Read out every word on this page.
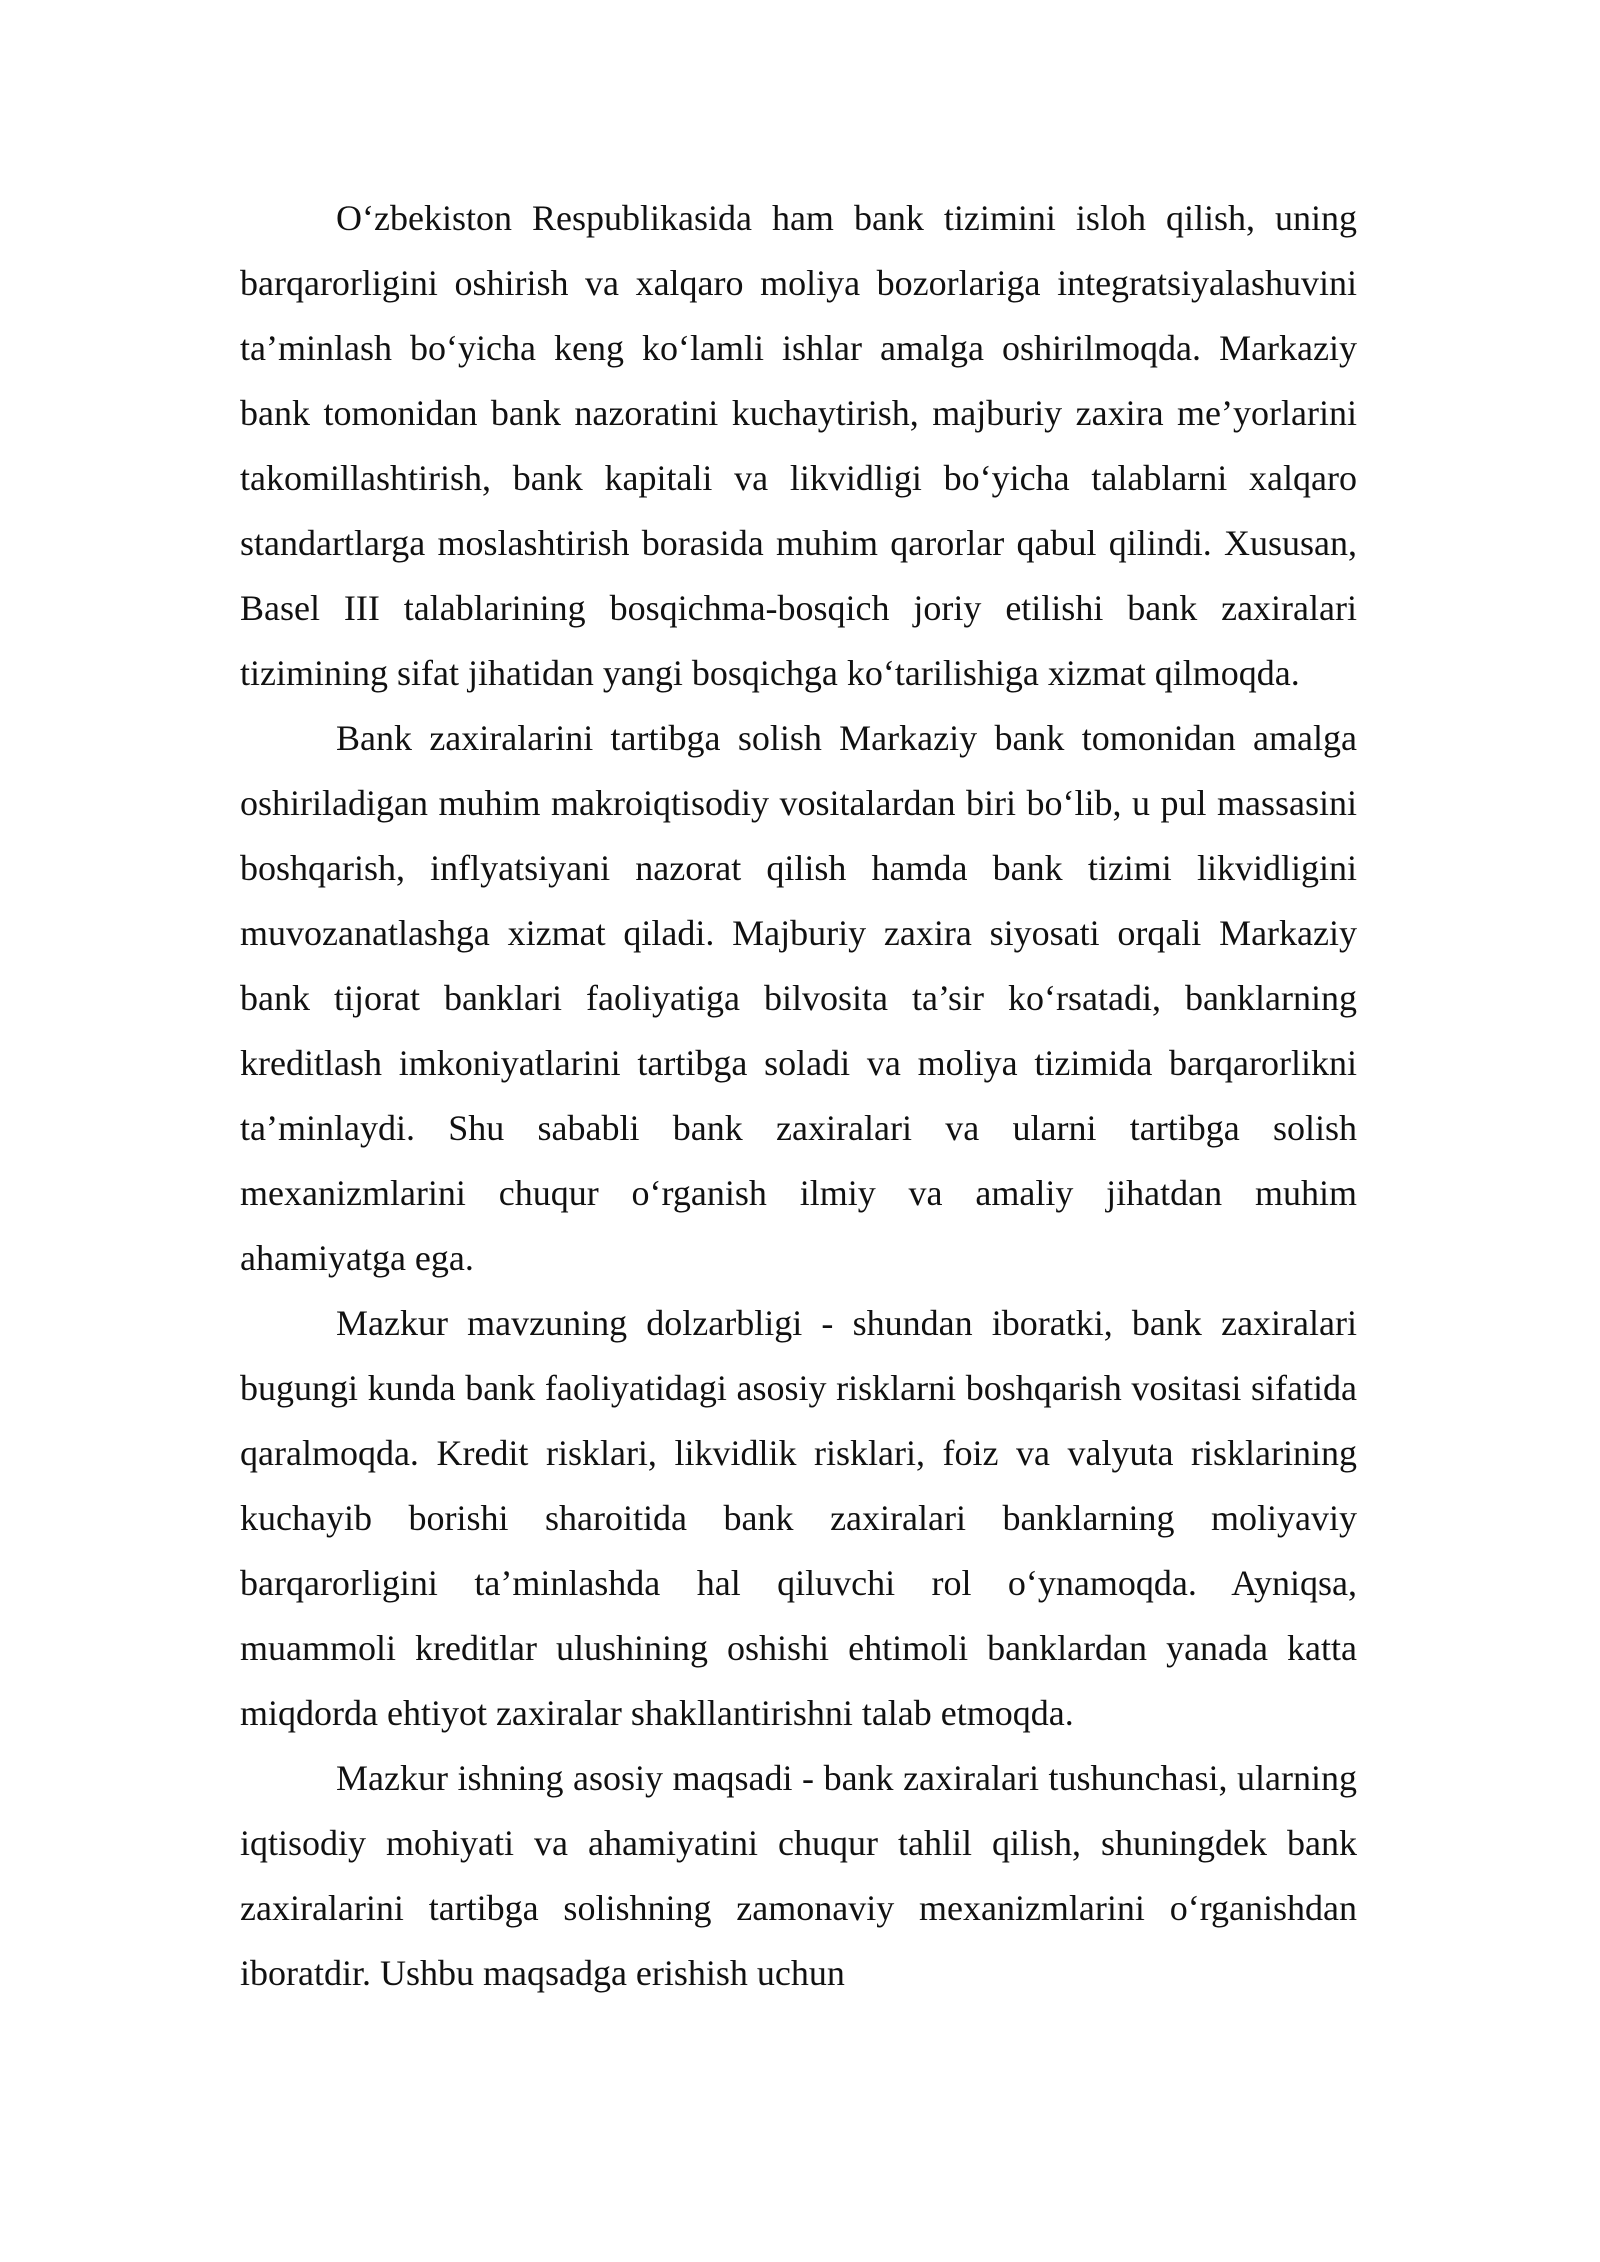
O‘zbekiston Respublikasida ham bank tizimini isloh qilish, uning barqarorligini oshirish va xalqaro moliya bozorlariga integratsiyalashuvini ta’minlash bo‘yicha keng ko‘lamli ishlar amalga oshirilmoqda. Markaziy bank tomonidan bank nazoratini kuchaytirish, majburiy zaxira me’yorlarini takomillashtirish, bank kapitali va likvidligi bo‘yicha talablarni xalqaro standartlarga moslashtirish borasida muhim qarorlar qabul qilindi. Xususan, Basel III talablarining bosqichma-bosqich joriy etilishi bank zaxiralari tizimining sifat jihatidan yangi bosqichga ko‘tarilishiga xizmat qilmoqda.

Bank zaxiralarini tartibga solish Markaziy bank tomonidan amalga oshiriladigan muhim makroiqtisodiy vositalardan biri bo‘lib, u pul massasini boshqarish, inflyatsiyani nazorat qilish hamda bank tizimi likvidligini muvozanatlashga xizmat qiladi. Majburiy zaxira siyosati orqali Markaziy bank tijorat banklari faoliyatiga bilvosita ta’sir ko‘rsatadi, banklarning kreditlash imkoniyatlarini tartibga soladi va moliya tizimida barqarorlikni ta’minlaydi. Shu sababli bank zaxiralari va ularni tartibga solish mexanizmlarini chuqur o‘rganish ilmiy va amaliy jihatdan muhim ahamiyatga ega.

Mazkur mavzuning dolzarbligi - shundan iboratki, bank zaxiralari bugungi kunda bank faoliyatidagi asosiy risklarni boshqarish vositasi sifatida qaralmoqda. Kredit risklari, likvidlik risklari, foiz va valyuta risklarining kuchayib borishi sharoitida bank zaxiralari banklarning moliyaviy barqarorligini ta’minlashda hal qiluvchi rol o‘ynamoqda. Ayniqsa, muammoli kreditlar ulushining oshishi ehtimoli banklardan yanada katta miqdorda ehtiyot zaxiralar shakllantirishni talab etmoqda.

Mazkur ishning asosiy maqsadi - bank zaxiralari tushunchasi, ularning iqtisodiy mohiyati va ahamiyatini chuqur tahlil qilish, shuningdek bank zaxiralarini tartibga solishning zamonaviy mexanizmlarini o‘rganishdan iboratdir. Ushbu maqsadga erishish uchun
